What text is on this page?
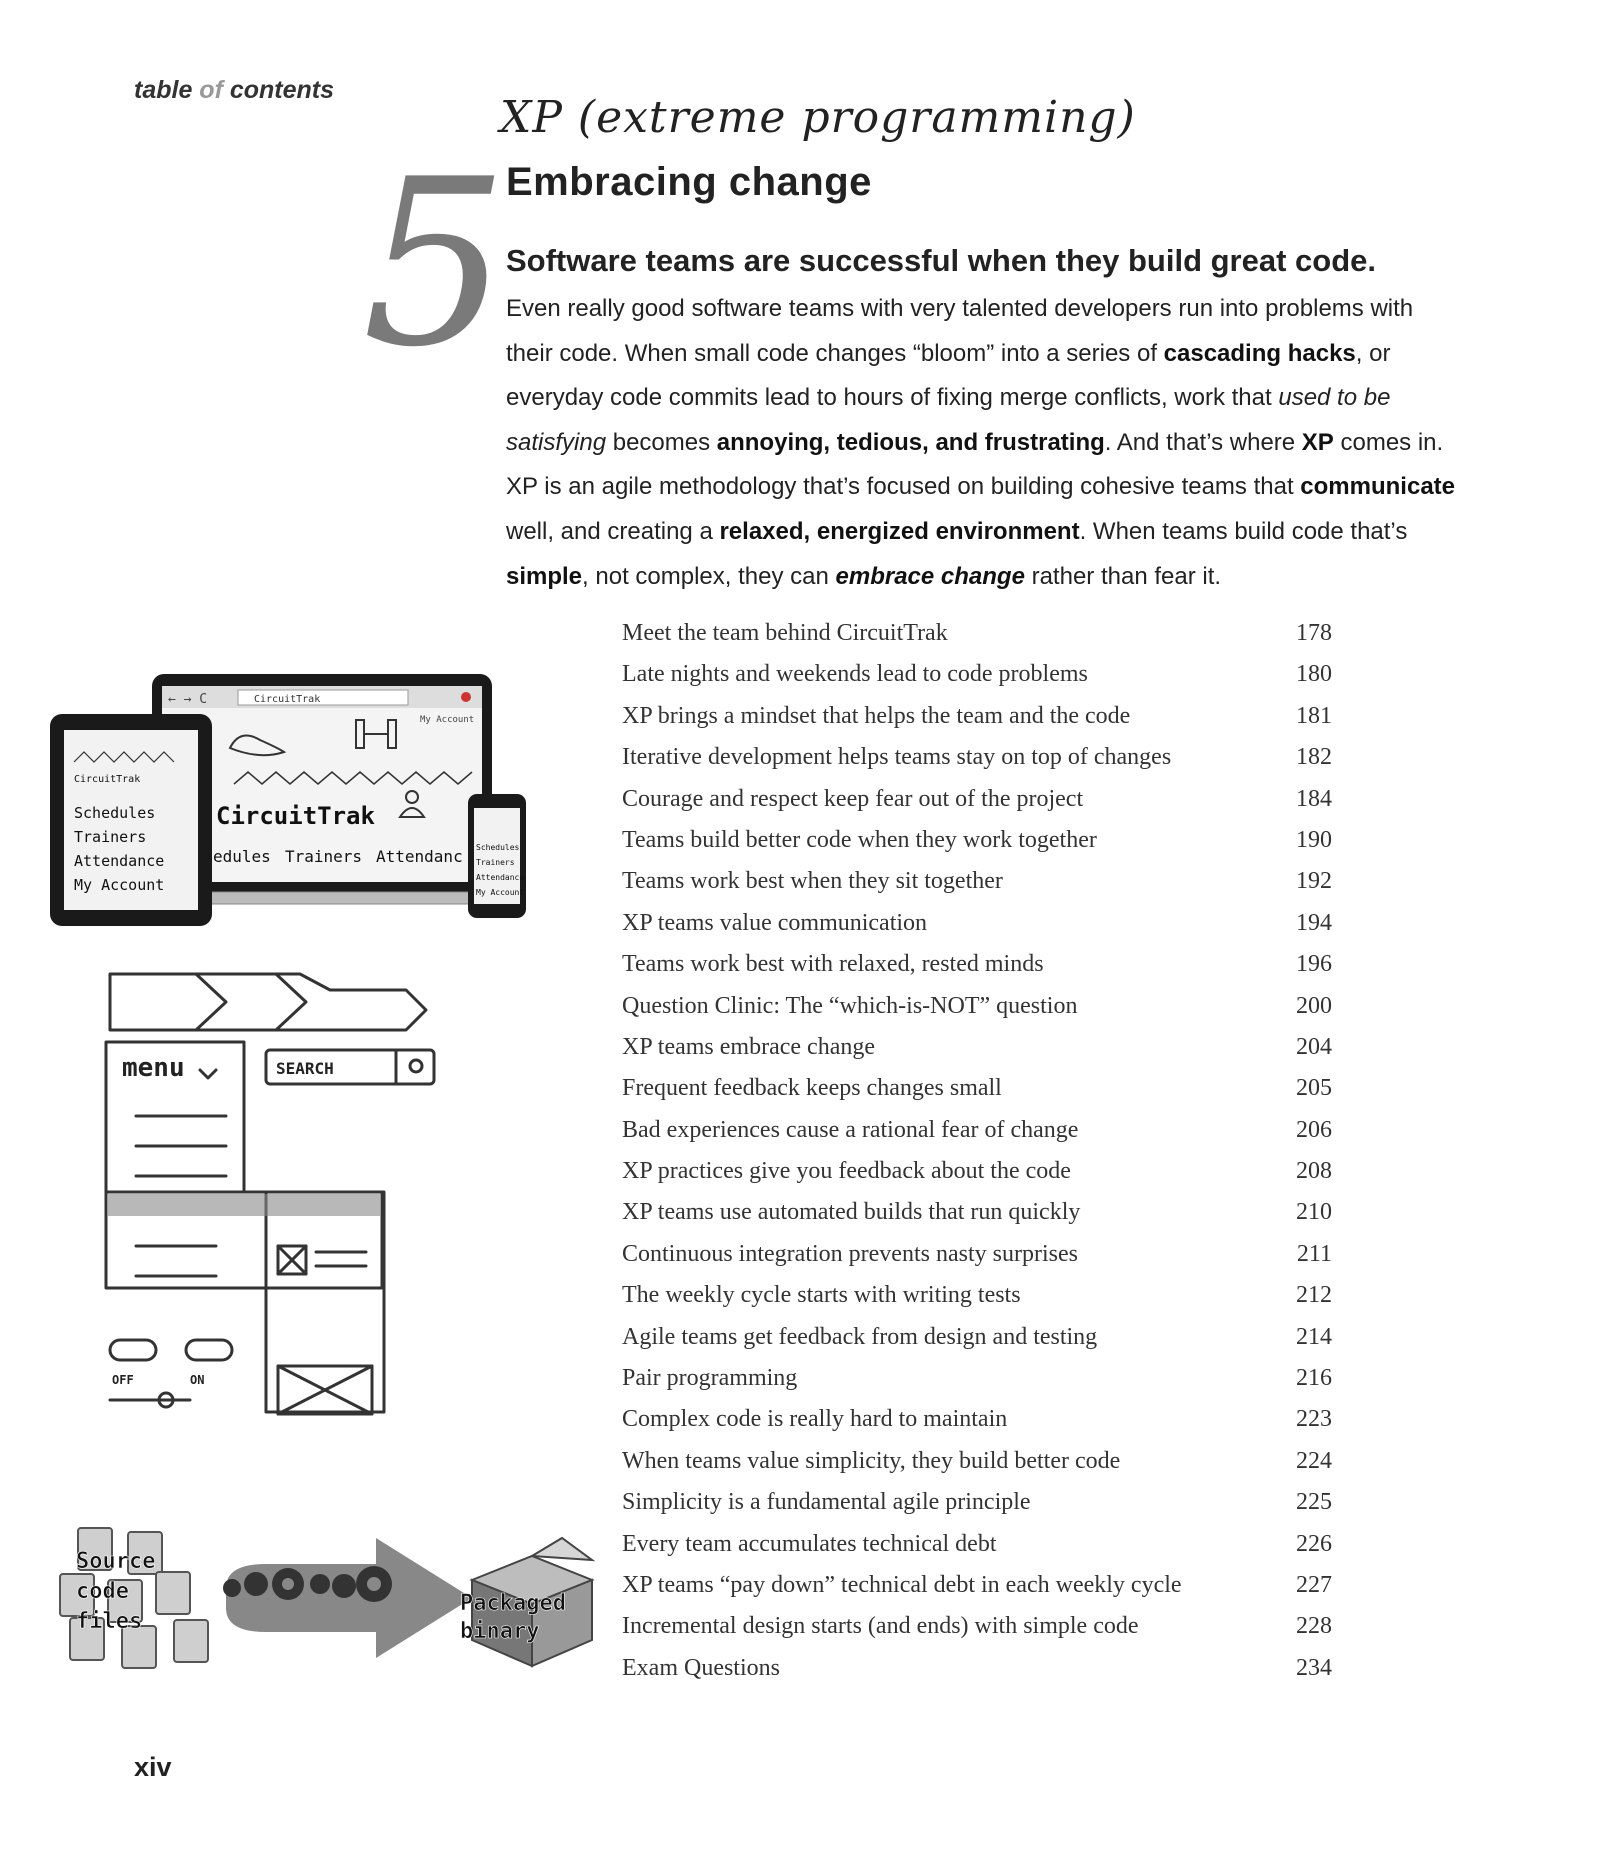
table of contents
5
XP (extreme programming)
Embracing change
Software teams are successful when they build great code.
Even really good software teams with very talented developers run into problems with their code. When small code changes “bloom” into a series of cascading hacks, or everyday code commits lead to hours of fixing merge conflicts, work that used to be satisfying becomes annoying, tedious, and frustrating. And that’s where XP comes in. XP is an agile methodology that’s focused on building cohesive teams that communicate well, and creating a relaxed, energized environment. When teams build code that’s simple, not complex, they can embrace change rather than fear it.
Meet the team behind CircuitTrak	178
Late nights and weekends lead to code problems	180
XP brings a mindset that helps the team and the code	181
Iterative development helps teams stay on top of changes	182
Courage and respect keep fear out of the project	184
Teams build better code when they work together	190
Teams work best when they sit together	192
XP teams value communication	194
Teams work best with relaxed, rested minds	196
Question Clinic: The “which-is-NOT” question	200
XP teams embrace change	204
Frequent feedback keeps changes small	205
Bad experiences cause a rational fear of change	206
XP practices give you feedback about the code	208
XP teams use automated builds that run quickly	210
Continuous integration prevents nasty surprises	211
The weekly cycle starts with writing tests	212
Agile teams get feedback from design and testing	214
Pair programming	216
Complex code is really hard to maintain	223
When teams value simplicity, they build better code	224
Simplicity is a fundamental agile principle	225
Every team accumulates technical debt	226
XP teams “pay down” technical debt in each weekly cycle	227
Incremental design starts (and ends) with simple code	228
Exam Questions	234
← → C	CircuitTrak
My Account
CircuitTrak
edules Trainers Attendanc
CircuitTrak
Schedules
Trainers
Attendance
My Account
Schedules
Trainers
Attendance
My Account
menu	SEARCH
OFF	ON
Source
code
files
Packaged
binary
xiv
